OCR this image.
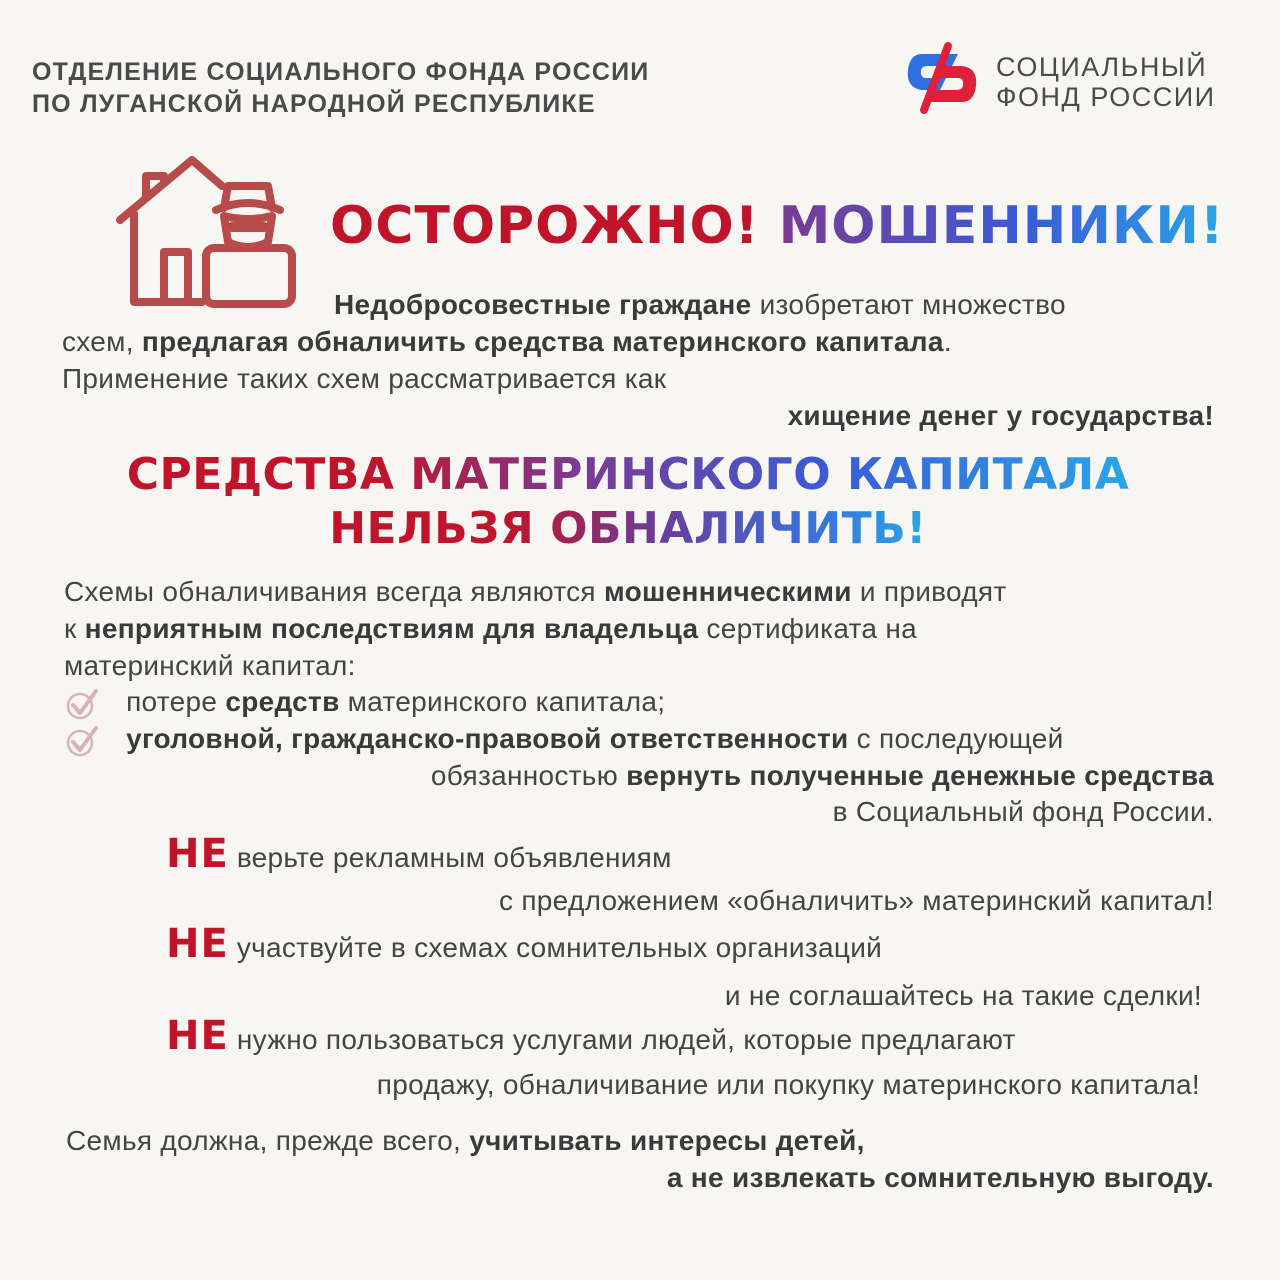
ОТДЕЛЕНИЕ СОЦИАЛЬНОГО ФОНДА РОССИИ
ПО ЛУГАНСКОЙ НАРОДНОЙ РЕСПУБЛИКЕ
СОЦИАЛЬНЫЙ
ФОНД РОССИИ
ОСТОРОЖНО! МОШЕННИКИ!
Недобросовестные граждане изобретают множество
схем, предлагая обналичить средства материнского капитала.
Применение таких схем рассматривается как
хищение денег у государства!
СРЕДСТВА МАТЕРИНСКОГО КАПИТАЛА
НЕЛЬЗЯ ОБНАЛИЧИТЬ!
Схемы обналичивания всегда являются мошенническими и приводят
к неприятным последствиям для владельца сертификата на
материнский капитал:
потере средств материнского капитала;
уголовной, гражданско-правовой ответственности с последующей
обязанностью вернуть полученные денежные средства
в Социальный фонд России.
НЕ верьте рекламным объявлениям
с предложением «обналичить» материнский капитал!
НЕ участвуйте в схемах сомнительных организаций
и не соглашайтесь на такие сделки!
НЕ нужно пользоваться услугами людей, которые предлагают
продажу, обналичивание или покупку материнского капитала!
Семья должна, прежде всего, учитывать интересы детей,
а не извлекать сомнительную выгоду.
